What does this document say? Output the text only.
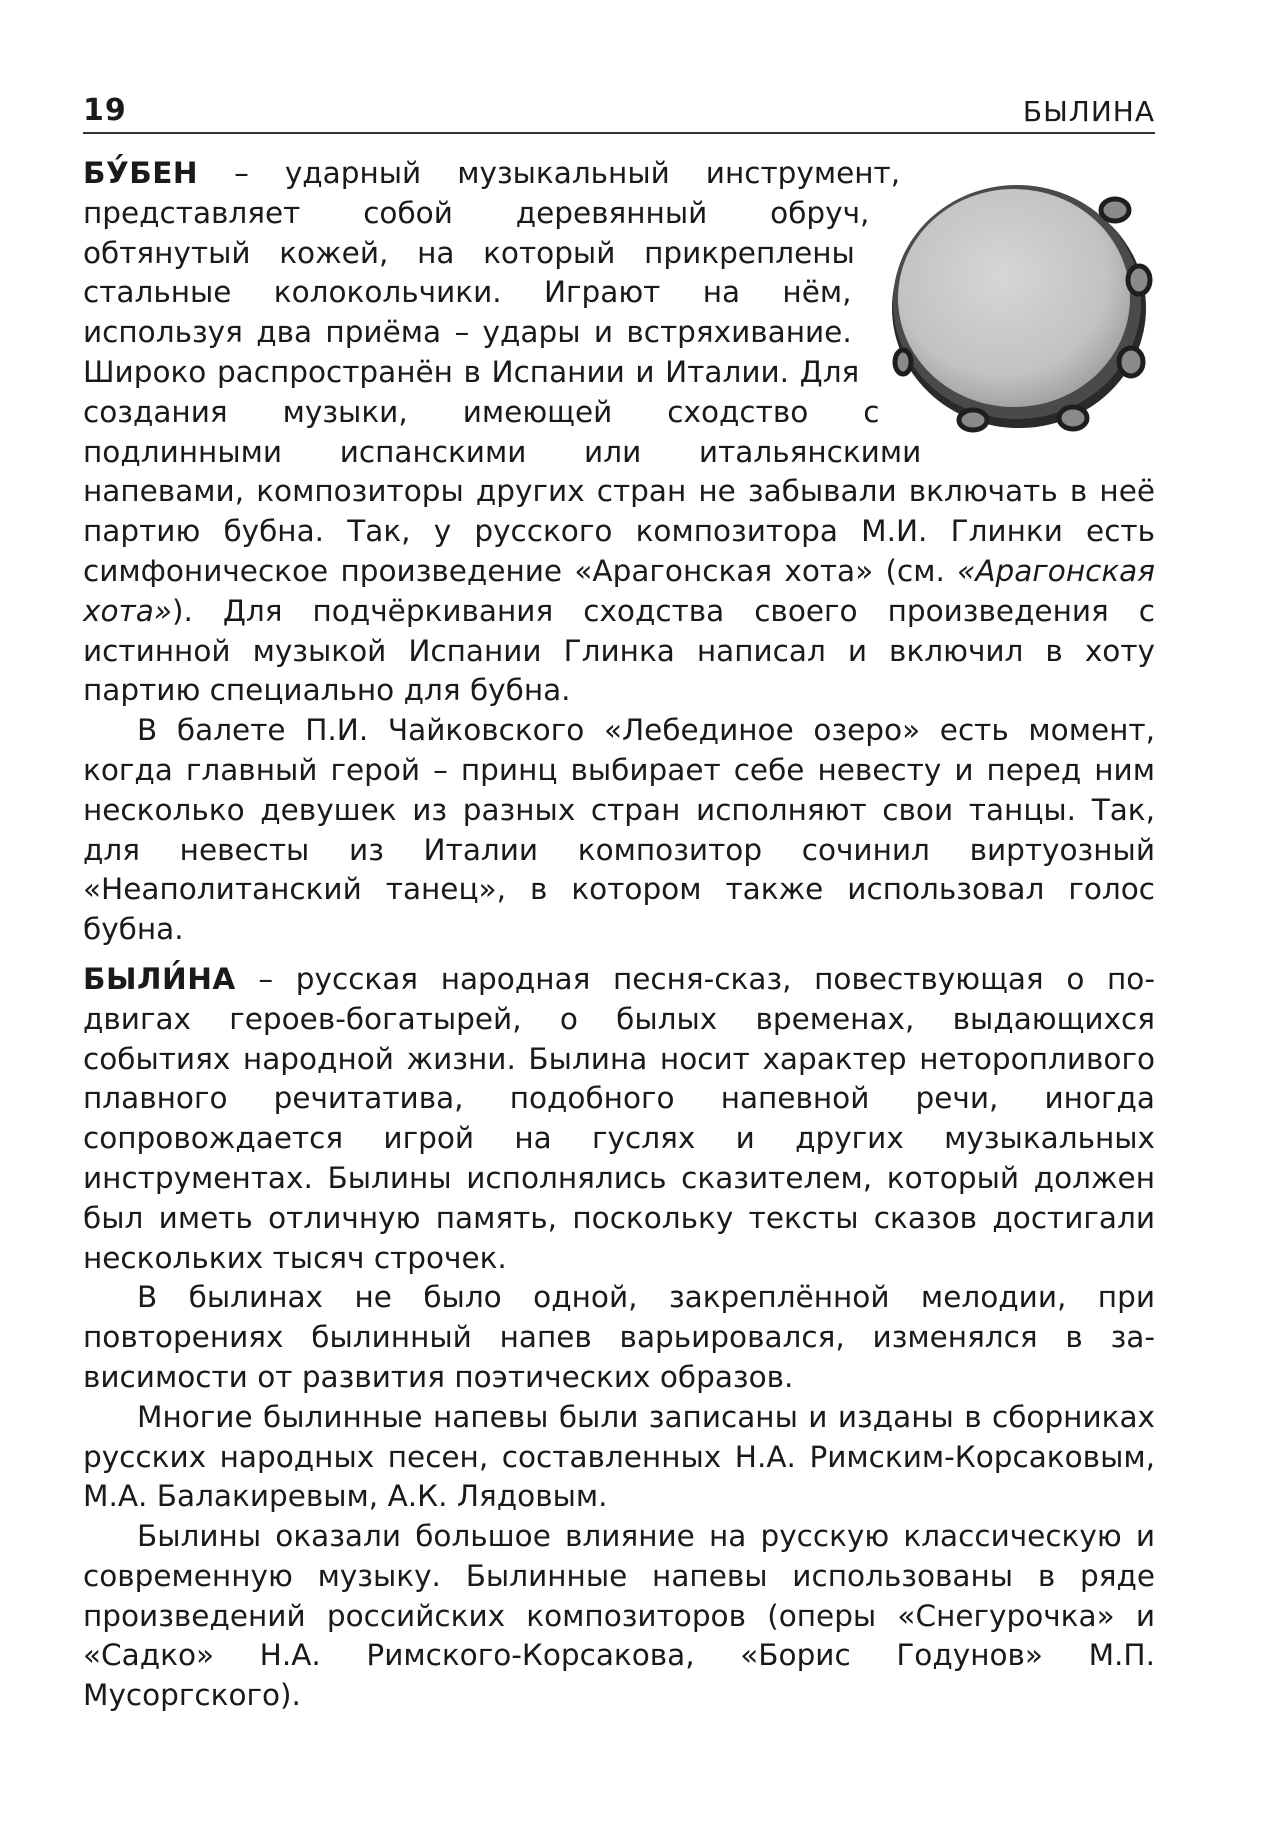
19	БЫЛИНА

БУ́БЕН – ударный музыкальный инструмент, представляет собой деревянный обруч, обтянутый кожей, на который прикреплены стальные колокольчики. Играют на нём, используя два приёма – удары и встряхивание. Широко распространён в Испании и Италии. Для создания музыки, имеющей сходство с подлинными испанскими или итальянскими напевами, композиторы других стран не забывали включать в неё партию бубна. Так, у русского композитора М.И. Глинки есть симфоническое произведение «Арагонская хота» (см. «Арагонская хота»). Для подчёркивания сходства своего произведения с истинной музыкой Испании Глинка написал и включил в хоту партию специально для бубна.

В балете П.И. Чайковского «Лебединое озеро» есть момент, когда главный герой – принц выбирает себе невесту и перед ним несколько девушек из разных стран исполняют свои танцы. Так, для невесты из Италии композитор сочинил виртуозный «Неаполитанский танец», в котором также использовал голос бубна.

БЫЛИ́НА – русская народная песня-сказ, повествующая о подвигах героев-богатырей, о былых временах, выдающихся событиях народной жизни. Былина носит характер неторопливого плавного речитатива, подобного напевной речи, иногда сопровождается игрой на гуслях и других музыкальных инструментах. Былины исполнялись сказителем, который должен был иметь отличную память, поскольку тексты сказов достигали нескольких тысяч строчек.

В былинах не было одной, закреплённой мелодии, при повторениях былинный напев варьировался, изменялся в зависимости от развития поэтических образов.

Многие былинные напевы были записаны и изданы в сборниках русских народных песен, составленных Н.А. Римским-Корсаковым, М.А. Балакиревым, А.К. Лядовым.

Былины оказали большое влияние на русскую классическую и современную музыку. Былинные напевы использованы в ряде произведений российских композиторов (оперы «Снегурочка» и «Садко» Н.А. Римского-Корсакова, «Борис Годунов» М.П. Мусоргского).
